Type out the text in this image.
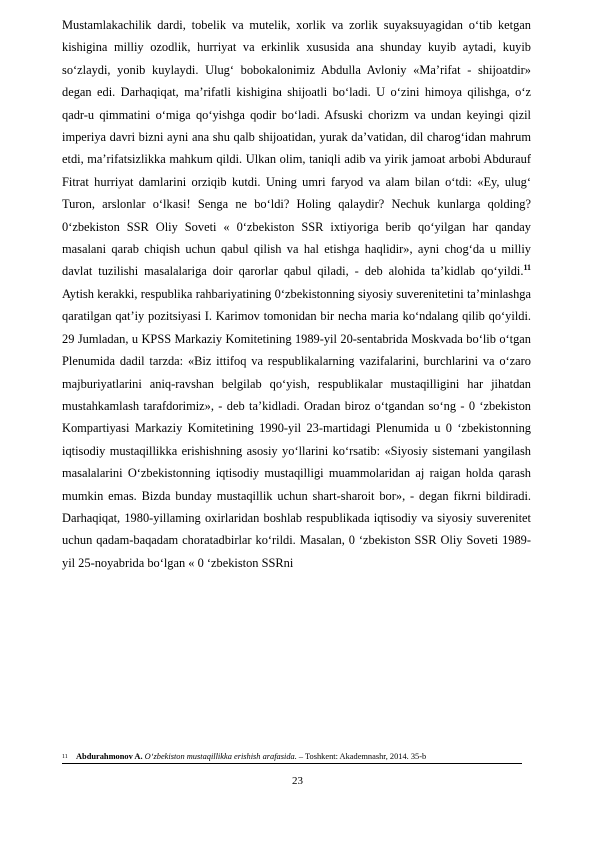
Mustamlakachilik dardi, tobelik va mutelik, xorlik va zorlik suyaksuyagidan o‘tib ketgan kishigina milliy ozodlik, hurriyat va erkinlik xususida ana shunday kuyib aytadi, kuyib so‘zlaydi, yonib kuylaydi. Ulug‘ bobokalonimiz Abdulla Avloniy «Ma’rifat - shijoatdir» degan edi. Darhaqiqat, ma’rifatli kishigina shijoatli bo‘ladi. U o‘zini himoya qilishga, o‘z qadr-u qimmatini o‘miga qo‘yishga qodir bo‘ladi. Afsuski chorizm va undan keyingi qizil imperiya davri bizni ayni ana shu qalb shijoatidan, yurak da’vatidan, dil charog‘idan mahrum etdi, ma’rifatsizlikka mahkum qildi. Ulkan olim, taniqli adib va yirik jamoat arbobi Abdurauf Fitrat hurriyat damlarini orziqib kutdi. Uning umri faryod va alam bilan o‘tdi: «Ey, ulug‘ Turon, arslonlar o‘lkasi! Senga ne bo‘ldi? Holing qalaydir? Nechuk kunlarga qolding? 0‘zbekiston SSR Oliy Soveti « 0‘zbekiston SSR ixtiyoriga berib qo‘yilgan har qanday masalani qarab chiqish uchun qabul qilish va hal etishga haqlidir», ayni chog‘da u milliy davlat tuzilishi masalalariga doir qarorlar qabul qiladi, - deb alohida ta’kidlab qo‘yildi.$^{11}$ Aytish kerakki, respublika rahbariyatining 0‘zbekistonning siyosiy suverenitetini ta’minlashga qaratilgan qat’iy pozitsiyasi I. Karimov tomonidan bir necha maria ko‘ndalang qilib qo‘yildi. 29 Jumladan, u KPSS Markaziy Komitetining 1989-yil 20-sentabrida Moskvada bo‘lib o‘tgan Plenumida dadil tarzda: «Biz ittifoq va respublikalarning vazifalarini, burchlarini va o‘zaro majburiyatlarini aniq-ravshan belgilab qo‘yish, respublikalar mustaqilligini har jihatdan mustahkamlash tarafdorimiz», - deb ta’kidladi. Oradan biroz o‘tgandan so‘ng - 0 ‘zbekiston Kompartiyasi Markaziy Komitetining 1990-yil 23-martidagi Plenumida u 0 ‘zbekistonning iqtisodiy mustaqillikka erishishning asosiy yo‘llarini ko‘rsatib: «Siyosiy sistemani yangilash masalalarini O‘zbekistonning iqtisodiy mustaqilligi muammolaridan aj raigan holda qarash mumkin emas. Bizda bunday mustaqillik uchun shart-sharoit bor», - degan fikrni bildiradi. Darhaqiqat, 1980-yillaming oxirlaridan boshlab respublikada iqtisodiy va siyosiy suverenitet uchun qadam-baqadam choratadbirlar ko‘rildi. Masalan, 0 ‘zbekiston SSR Oliy Soveti 1989-yil 25-noyabrida bo‘lgan « 0 ‘zbekiston SSRni

11 Abdurahmonov A. O‘zbekiston mustaqillikka erishish arafasida. – Toshkent: Akademnashr, 2014. 35-b
23
